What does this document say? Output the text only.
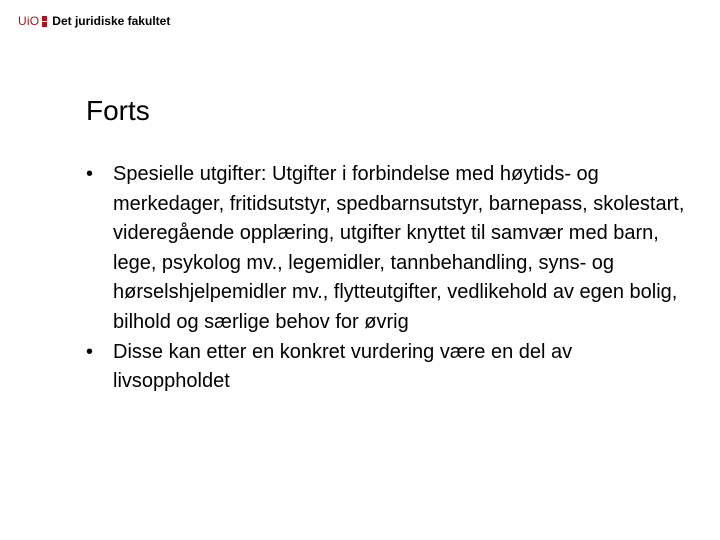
UiO Det juridiske fakultet
Forts
• Spesielle utgifter: Utgifter i forbindelse med høytids- og merkedager, fritidsutstyr, spedbarnsutstyr, barnepass, skolestart, videregående opplæring, utgifter knyttet til samvær med barn, lege, psykolog mv., legemidler, tannbehandling, syns- og hørselshjelpemidler mv., flytteutgifter, vedlikehold av egen bolig, bilhold og særlige behov for øvrig
• Disse kan etter en konkret vurdering være en del av livsoppholdet
